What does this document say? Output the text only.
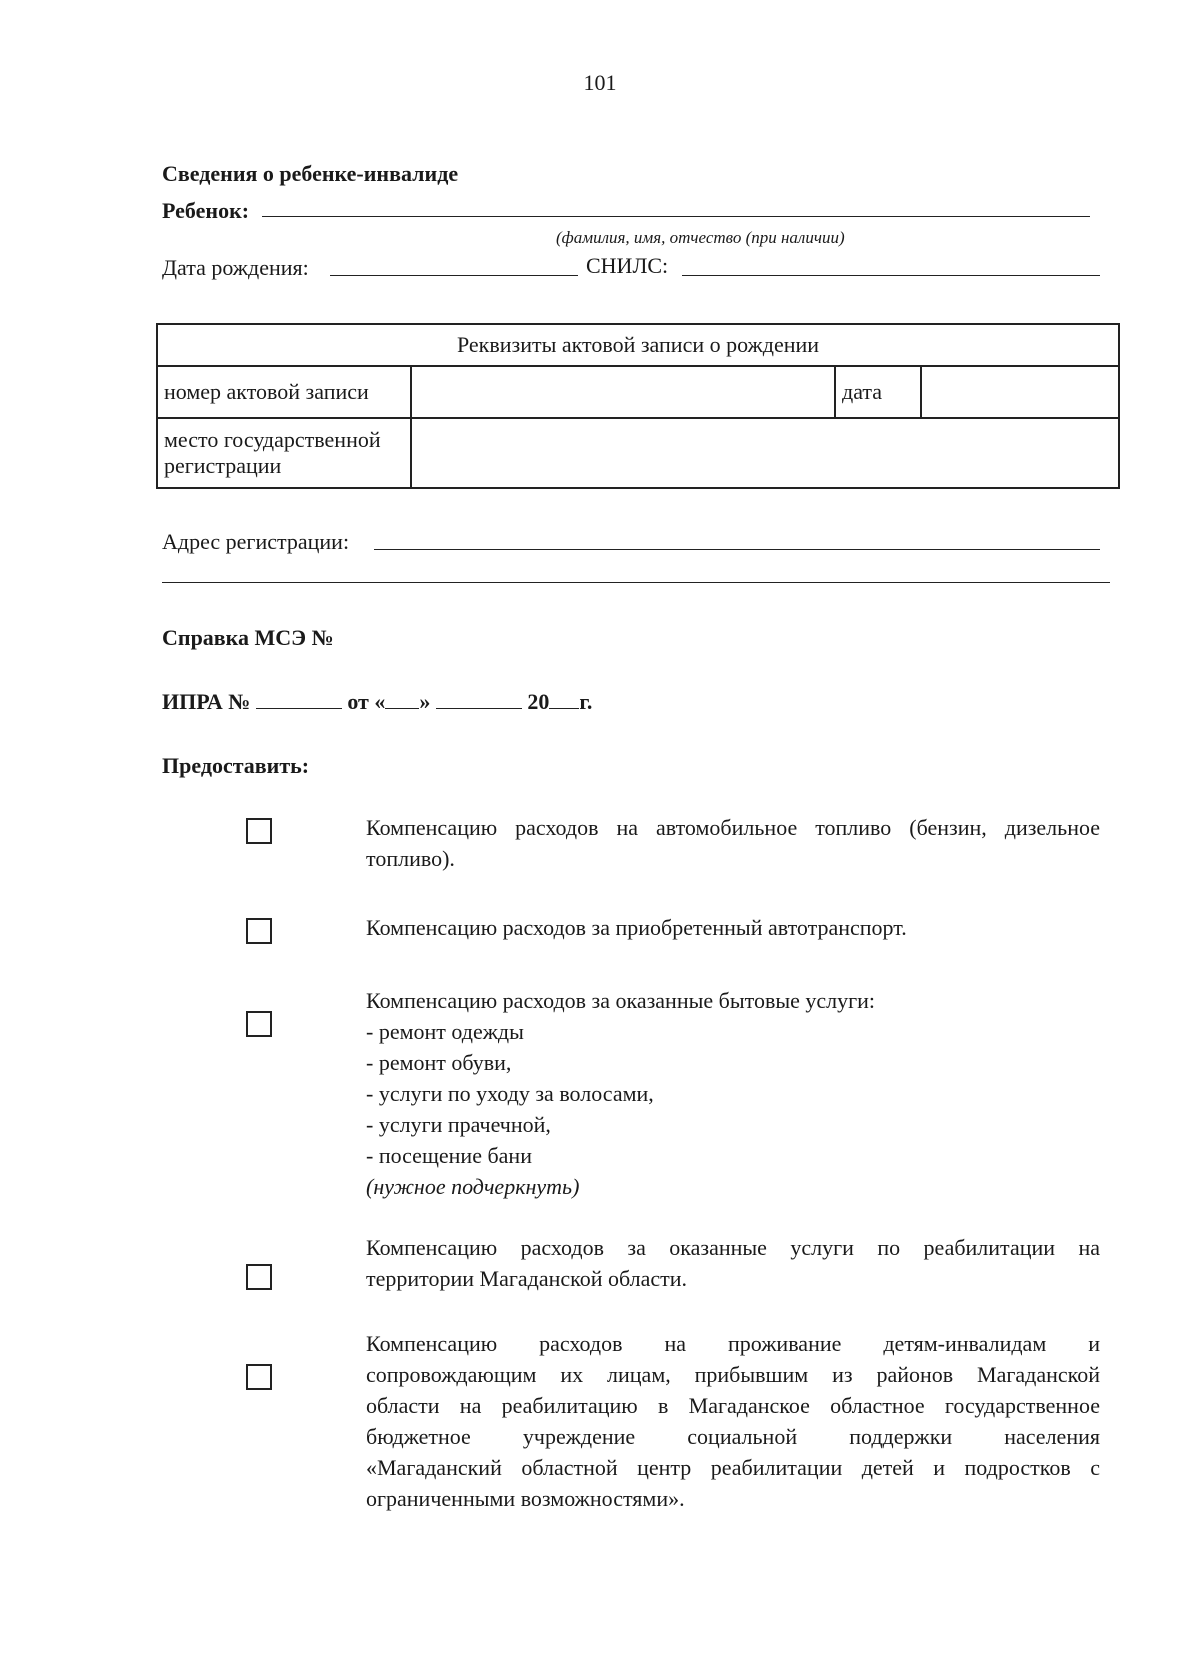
101
Сведения о ребенке-инвалиде
Ребенок:
(фамилия, имя, отчество (при наличии)
Дата рождения:	СНИЛС:
Реквизиты актовой записи о рождении			
номер актовой записи		дата	
место государственной
регистрации			
Адрес регистрации:
Справка МСЭ №
ИПРА №	от « »	20 г.
Предоставить:
Компенсацию расходов на автомобильное топливо (бензин, дизельное
топливо).
Компенсацию расходов за приобретенный автотранспорт.
Компенсацию расходов за оказанные бытовые услуги:
- ремонт одежды
- ремонт обуви,
- услуги по уходу за волосами,
- услуги прачечной,
- посещение бани
(нужное подчеркнуть)
Компенсацию расходов за оказанные услуги по реабилитации на
территории Магаданской области.
Компенсацию расходов на проживание детям-инвалидам и
сопровождающим их лицам, прибывшим из районов Магаданской
области на реабилитацию в Магаданское областное государственное
бюджетное учреждение социальной поддержки населения
«Магаданский областной центр реабилитации детей и подростков с
ограниченными возможностями».
